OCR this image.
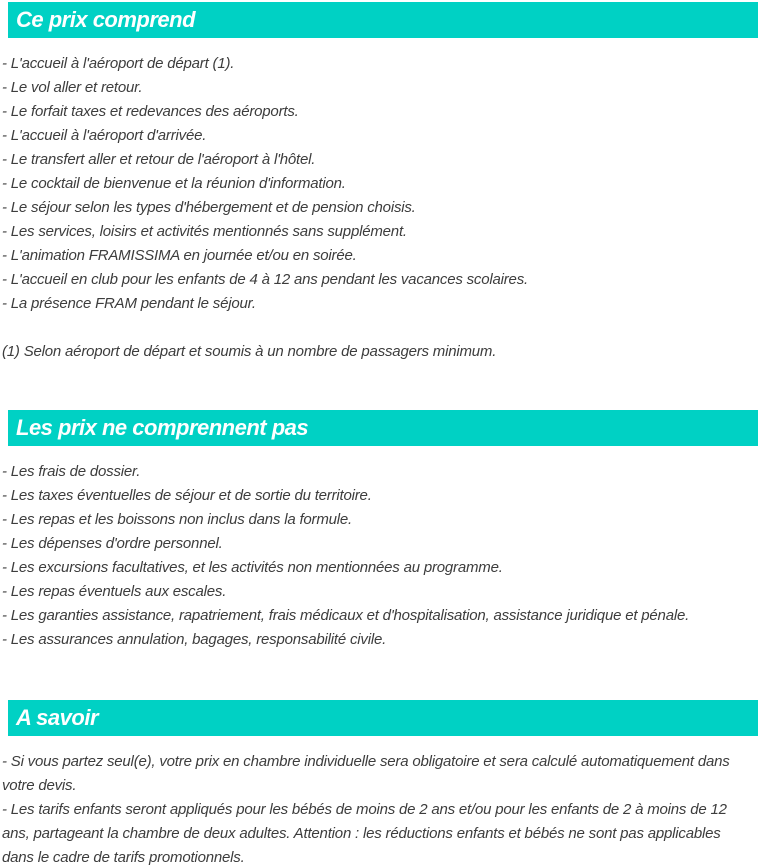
Ce prix comprend
- L'accueil à l'aéroport de départ (1).
- Le vol aller et retour.
- Le forfait taxes et redevances des aéroports.
- L'accueil à l'aéroport d'arrivée.
- Le transfert aller et retour de l'aéroport à l'hôtel.
- Le cocktail de bienvenue et la réunion d'information.
- Le séjour selon les types d'hébergement et de pension choisis.
- Les services, loisirs et activités mentionnés sans supplément.
- L'animation FRAMISSIMA en journée et/ou en soirée.
- L'accueil en club pour les enfants de 4 à 12 ans pendant les vacances scolaires.
- La présence FRAM pendant le séjour.

(1) Selon aéroport de départ et soumis à un nombre de passagers minimum.

Les prix ne comprennent pas
- Les frais de dossier.
- Les taxes éventuelles de séjour et de sortie du territoire.
- Les repas et les boissons non inclus dans la formule.
- Les dépenses d'ordre personnel.
- Les excursions facultatives, et les activités non mentionnées au programme.
- Les repas éventuels aux escales.
- Les garanties assistance, rapatriement, frais médicaux et d'hospitalisation, assistance juridique et pénale.
- Les assurances annulation, bagages, responsabilité civile.
A savoir
- Si vous partez seul(e), votre prix en chambre individuelle sera obligatoire et sera calculé automatiquement dans votre devis.
- Les tarifs enfants seront appliqués pour les bébés de moins de 2 ans et/ou pour les enfants de 2 à moins de 12 ans, partageant la chambre de deux adultes. Attention : les réductions enfants et bébés ne sont pas applicables dans le cadre de tarifs promotionnels.
